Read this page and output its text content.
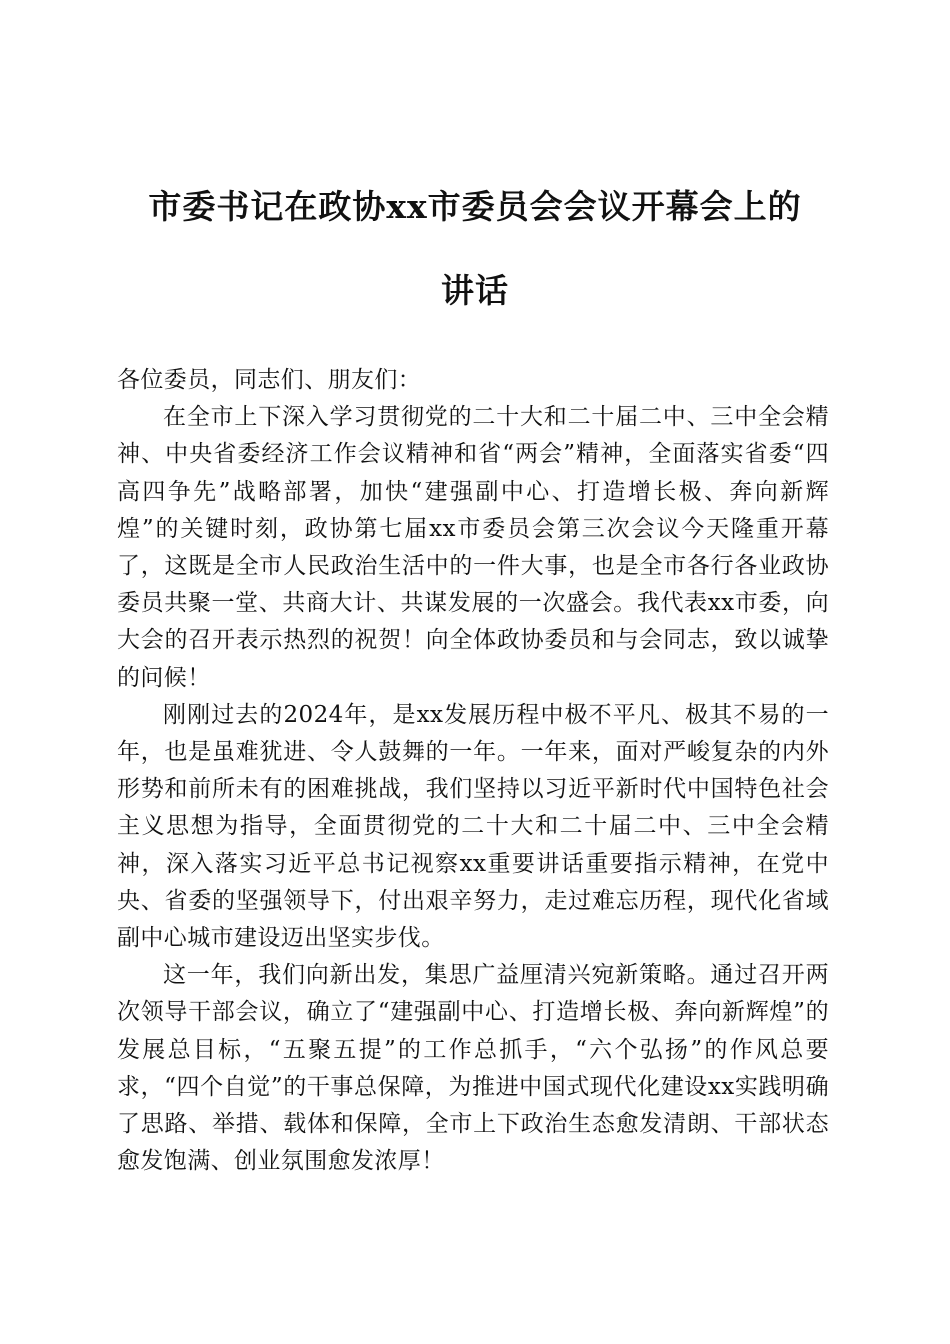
市委书记在政协xx市委员会会议开幕会上的
讲话

各位委员，同志们、朋友们：

在全市上下深入学习贯彻党的二十大和二十届二中、三中全会精神、中央省委经济工作会议精神和省“两会”精神，全面落实省委“四高四争先”战略部署，加快“建强副中心、打造增长极、奔向新辉煌”的关键时刻，政协第七届xx市委员会第三次会议今天隆重开幕了，这既是全市人民政治生活中的一件大事，也是全市各行各业政协委员共聚一堂、共商大计、共谋发展的一次盛会。我代表xx市委，向大会的召开表示热烈的祝贺！向全体政协委员和与会同志，致以诚挚的问候！

刚刚过去的2024年，是xx发展历程中极不平凡、极其不易的一年，也是虽难犹进、令人鼓舞的一年。一年来，面对严峻复杂的内外形势和前所未有的困难挑战，我们坚持以习近平新时代中国特色社会主义思想为指导，全面贯彻党的二十大和二十届二中、三中全会精神，深入落实习近平总书记视察xx重要讲话重要指示精神，在党中央、省委的坚强领导下，付出艰辛努力，走过难忘历程，现代化省域副中心城市建设迈出坚实步伐。

这一年，我们向新出发，集思广益厘清兴宛新策略。通过召开两次领导干部会议，确立了“建强副中心、打造增长极、奔向新辉煌”的发展总目标，“五聚五提”的工作总抓手，“六个弘扬”的作风总要求，“四个自觉”的干事总保障，为推进中国式现代化建设xx实践明确了思路、举措、载体和保障，全市上下政治生态愈发清朗、干部状态愈发饱满、创业氛围愈发浓厚！
